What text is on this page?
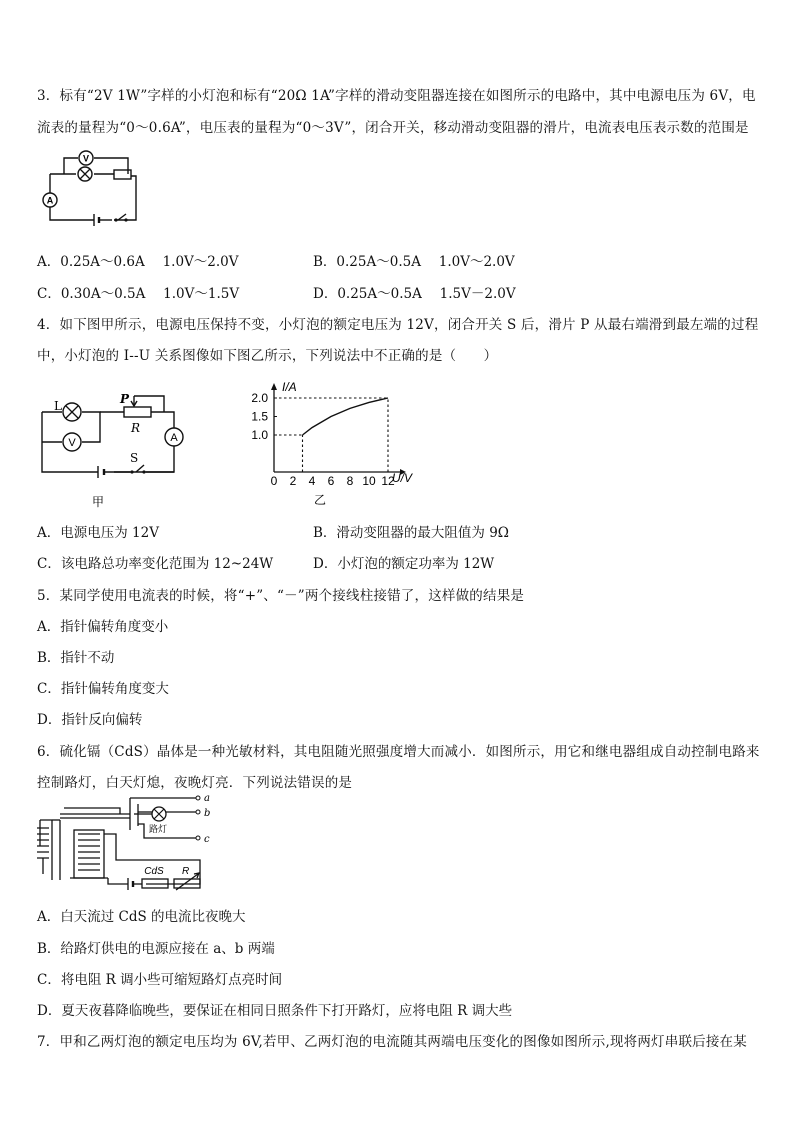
3．标有“2V 1W”字样的小灯泡和标有“20Ω 1A”字样的滑动变阻器连接在如图所示的电路中，其中电源电压为 6V，电
流表的量程为“0～0.6A”，电压表的量程为“0～3V”，闭合开关，移动滑动变阻器的滑片，电流表电压表示数的范围是
V
A
A．0.25A～0.6A　 1.0V～2.0V	B．0.25A～0.5A　 1.0V～2.0V
C．0.30A～0.5A　 1.0V～1.5V	D．0.25A～0.5A　 1.5V－2.0V
4．如下图甲所示，电源电压保持不变，小灯泡的额定电压为 12V，闭合开关 S 后，滑片 P 从最右端滑到最左端的过程
中，小灯泡的 I--U 关系图像如下图乙所示，下列说法中不正确的是（　　）
L
V
P
R
A
S
甲
I/A
U/V
0 2 4 6 8 10 12
1.0
1.5
2.0
乙
A．电源电压为 12V	B．滑动变阻器的最大阻值为 9Ω
C．该电路总功率变化范围为 12~24W	D．小灯泡的额定功率为 12W
5．某同学使用电流表的时候，将“+”、“－”两个接线柱接错了，这样做的结果是
A．指针偏转角度变小
B．指针不动
C．指针偏转角度变大
D．指针反向偏转
6．硫化镉（CdS）晶体是一种光敏材料，其电阻随光照强度增大而减小．如图所示，用它和继电器组成自动控制电路来
控制路灯，白天灯熄，夜晚灯亮．下列说法错误的是
a
b
c
路灯
CdS R
A．白天流过 CdS 的电流比夜晚大
B．给路灯供电的电源应接在 a、b 两端
C．将电阻 R 调小些可缩短路灯点亮时间
D．夏天夜暮降临晚些，要保证在相同日照条件下打开路灯，应将电阻 R 调大些
7．甲和乙两灯泡的额定电压均为 6V,若甲、乙两灯泡的电流随其两端电压变化的图像如图所示,现将两灯串联后接在某
